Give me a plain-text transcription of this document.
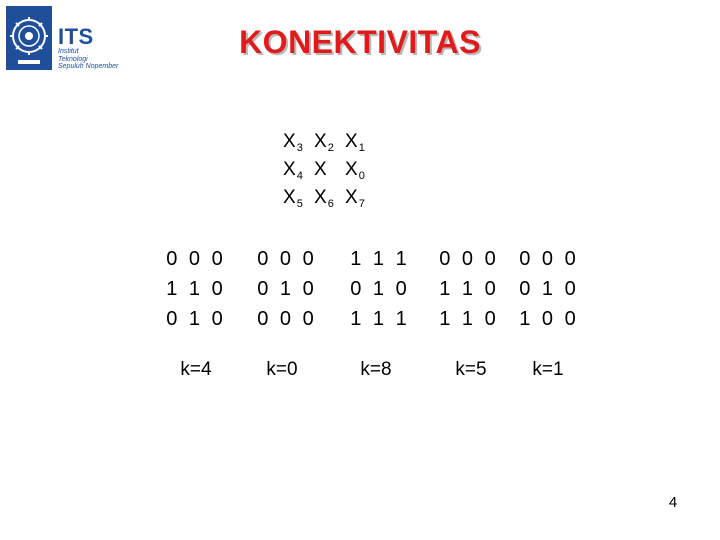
ITS
Institut
Teknologi
Sepuluh Nopember
KONEKTIVITAS
$X_3$ $X_2$ $X_1$
$X_4$ X $X_0$
$X_5$ $X_6$ $X_7$
0 0 0
1 1 0
0 1 0
0 0 0
0 1 0
0 0 0
1 1 1
0 1 0
1 1 1
0 0 0
1 1 0
1 1 0
0 0 0
0 1 0
1 0 0
k=4	k=0	k=8	k=5	k=1
4
